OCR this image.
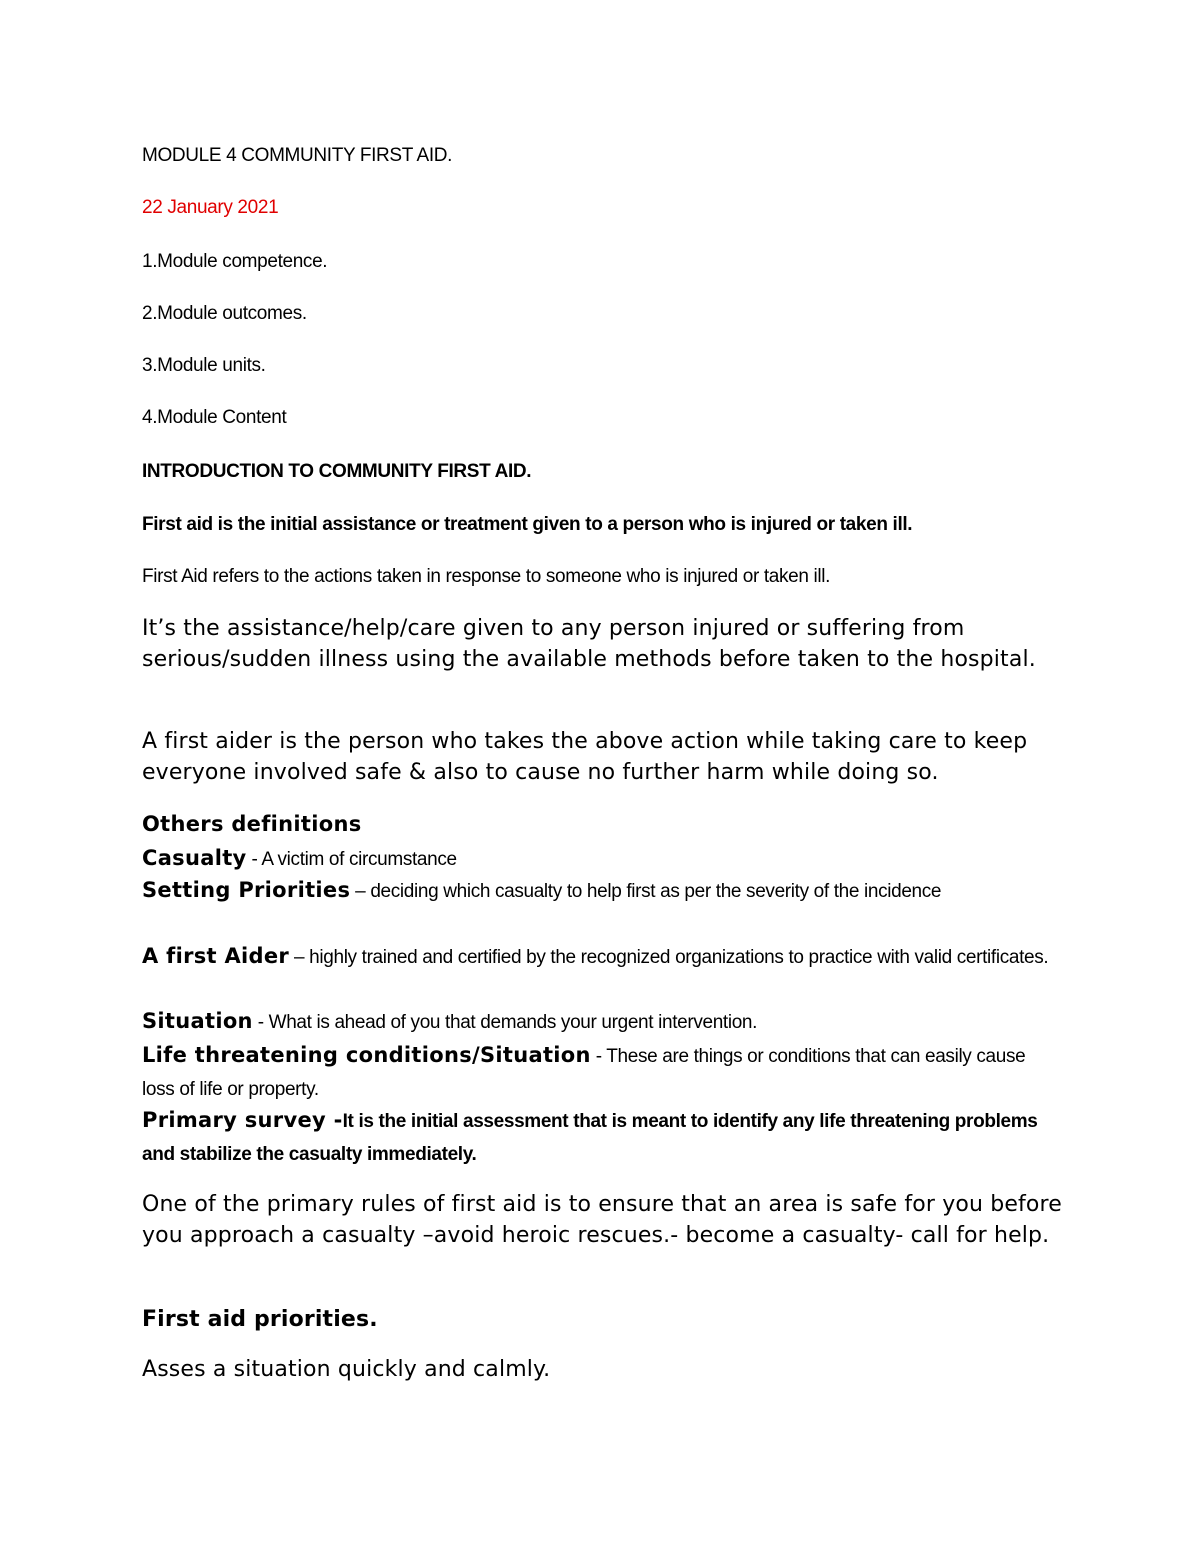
MODULE 4 COMMUNITY FIRST AID.

22 January 2021

1.Module competence.

2.Module outcomes.

3.Module units.

4.Module Content

INTRODUCTION TO COMMUNITY FIRST AID.

First aid is the initial assistance or treatment given to a person who is injured or taken ill.

First Aid refers to the actions taken in response to someone who is injured or taken ill.

It’s the assistance/help/care given to any person injured or suffering from serious/sudden illness using the available methods before taken to the hospital.

A first aider is the person who takes the above action while taking care to keep everyone involved safe & also to cause no further harm while doing so.

Others definitions

Casualty - A victim of circumstance

Setting Priorities – deciding which casualty to help first as per the severity of the incidence

A first Aider – highly trained and certified by the recognized organizations to practice with valid certificates.

Situation - What is ahead of you that demands your urgent intervention.

Life threatening conditions/Situation - These are things or conditions that can easily cause loss of life or property.

Primary survey -It is the initial assessment that is meant to identify any life threatening problems and stabilize the casualty immediately.

One of the primary rules of first aid is to ensure that an area is safe for you before you approach a casualty –avoid heroic rescues.- become a casualty- call for help.

First aid priorities.

Asses a situation quickly and calmly.
